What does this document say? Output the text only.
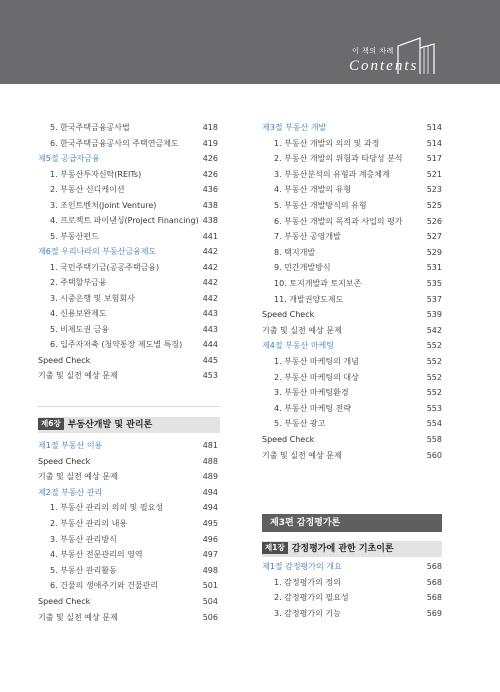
이 책의 차례
Contents
5. 한국주택금융공사법	418
6. 한국주택금융공사의 주택연금제도	419
제5절 공급자금융	426
1. 부동산투자신탁(REITs)	426
2. 부동산 신디케이션	436
3. 조인트벤처(Joint Venture)	438
4. 프로젝트 파이낸싱(Project Financing) 438
5. 부동산펀드	441
제6절 우리나라의 부동산금융제도	442
1. 국민주택기금(공공주택금융)	442
2. 주택할부금융	442
3. 시중은행 및 보험회사	442
4. 신용보완제도	443
5. 비제도권 금융	443
6. 입주자저축 (청약통장 제도별 특징)	444
Speed Check	445
기출 및 실전 예상 문제	453
제6장 부동산개발 및 관리론
제1절 부동산 이용	481
Speed Check	488
기출 및 실전 예상 문제	489
제2절 부동산 관리	494
1. 부동산 관리의 의의 및 필요성	494
2. 부동산 관리의 내용	495
3. 부동산 관리방식	496
4. 부동산 전문관리의 영역	497
5. 부동산 관리활동	498
6. 건물의 생애주기와 건물관리	501
Speed Check	504
기출 및 실전 예상 문제	506
제3절 부동산 개발	514
1. 부동산 개발의 의의 및 과정	514
2. 부동산 개발의 위험과 타당성 분석	517
3. 부동산분석의 유형과 계층체계	521
4. 부동산 개발의 유형	523
5. 부동산 개발방식의 유형	525
6. 부동산 개발의 목적과 사업의 평가	526
7. 부동산 공영개발	527
8. 택지개발	529
9. 민간개발방식	531
10. 토지개발과 토지보존	535
11. 개발권양도제도	537
Speed Check	539
기출 및 실전 예상 문제	542
제4절 부동산 마케팅	552
1. 부동산 마케팅의 개념	552
2. 부동산 마케팅의 대상	552
3. 부동산 마케팅환경	552
4. 부동산 마케팅 전략	553
5. 부동산 광고	554
Speed Check	558
기출 및 실전 예상 문제	560
제3편 감정평가론
제1장 감정평가에 관한 기초이론
제1절 감정평가의 개요	568
1. 감정평가의 정의	568
2. 감정평가의 필요성	568
3. 감정평가의 기능	569
